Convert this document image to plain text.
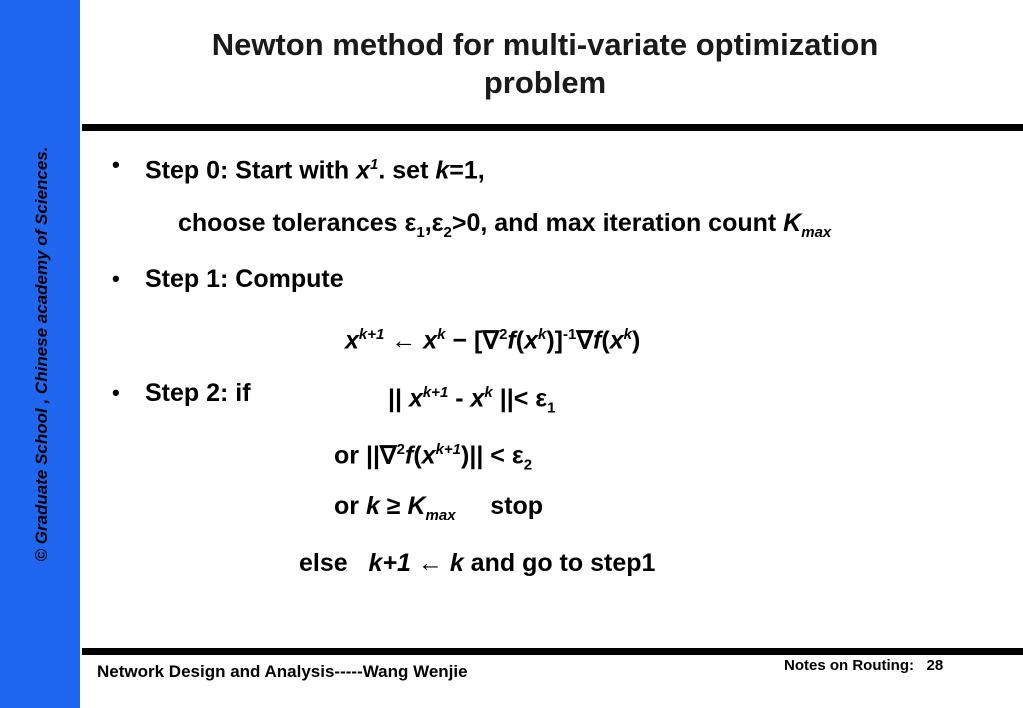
© Graduate School , Chinese academy of Sciences.
Newton method for multi-variate optimization
problem
• Step 0: Start with $x^1$. set k=1,
choose tolerances $\varepsilon_1,\varepsilon_2>0$, and max iteration count $K_{max}$
• Step 1: Compute
$x^{k+1}$ ← $x^k - [\nabla^2f(x^k)]^{-1}\nabla f(x^k)$
• Step 2: if	|| $x^{k+1} - x^k$ ||< $\varepsilon_1$
or $||\nabla^2f(x^{k+1})|| < \varepsilon_2$
or $k \ge K_{max}$     stop
else   k+1 ← k and go to step1
Network Design and Analysis-----Wang Wenjie	Notes on Routing:   28
